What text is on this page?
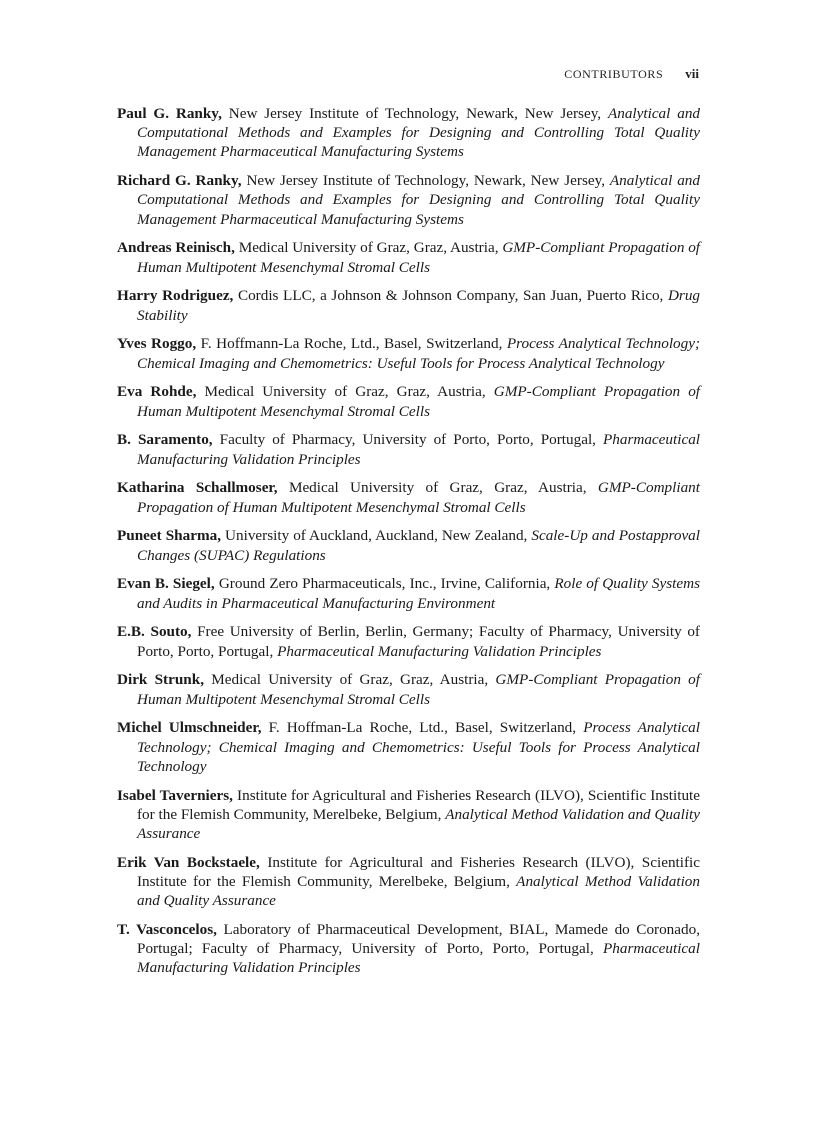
CONTRIBUTORS vii

Paul G. Ranky, New Jersey Institute of Technology, Newark, New Jersey, Analytical and Computational Methods and Examples for Designing and Controlling Total Quality Management Pharmaceutical Manufacturing Systems

Richard G. Ranky, New Jersey Institute of Technology, Newark, New Jersey, Analytical and Computational Methods and Examples for Designing and Controlling Total Quality Management Pharmaceutical Manufacturing Systems

Andreas Reinisch, Medical University of Graz, Graz, Austria, GMP-Compliant Propagation of Human Multipotent Mesenchymal Stromal Cells

Harry Rodriguez, Cordis LLC, a Johnson & Johnson Company, San Juan, Puerto Rico, Drug Stability

Yves Roggo, F. Hoffmann-La Roche, Ltd., Basel, Switzerland, Process Analytical Technology; Chemical Imaging and Chemometrics: Useful Tools for Process Analytical Technology

Eva Rohde, Medical University of Graz, Graz, Austria, GMP-Compliant Propagation of Human Multipotent Mesenchymal Stromal Cells

B. Saramento, Faculty of Pharmacy, University of Porto, Porto, Portugal, Pharmaceutical Manufacturing Validation Principles

Katharina Schallmoser, Medical University of Graz, Graz, Austria, GMP-Compliant Propagation of Human Multipotent Mesenchymal Stromal Cells

Puneet Sharma, University of Auckland, Auckland, New Zealand, Scale-Up and Postapproval Changes (SUPAC) Regulations

Evan B. Siegel, Ground Zero Pharmaceuticals, Inc., Irvine, California, Role of Quality Systems and Audits in Pharmaceutical Manufacturing Environment

E.B. Souto, Free University of Berlin, Berlin, Germany; Faculty of Pharmacy, University of Porto, Porto, Portugal, Pharmaceutical Manufacturing Validation Principles

Dirk Strunk, Medical University of Graz, Graz, Austria, GMP-Compliant Propagation of Human Multipotent Mesenchymal Stromal Cells

Michel Ulmschneider, F. Hoffman-La Roche, Ltd., Basel, Switzerland, Process Analytical Technology; Chemical Imaging and Chemometrics: Useful Tools for Process Analytical Technology

Isabel Taverniers, Institute for Agricultural and Fisheries Research (ILVO), Scientific Institute for the Flemish Community, Merelbeke, Belgium, Analytical Method Validation and Quality Assurance

Erik Van Bockstaele, Institute for Agricultural and Fisheries Research (ILVO), Scientific Institute for the Flemish Community, Merelbeke, Belgium, Analytical Method Validation and Quality Assurance

T. Vasconcelos, Laboratory of Pharmaceutical Development, BIAL, Mamede do Coronado, Portugal; Faculty of Pharmacy, University of Porto, Porto, Portugal, Pharmaceutical Manufacturing Validation Principles
